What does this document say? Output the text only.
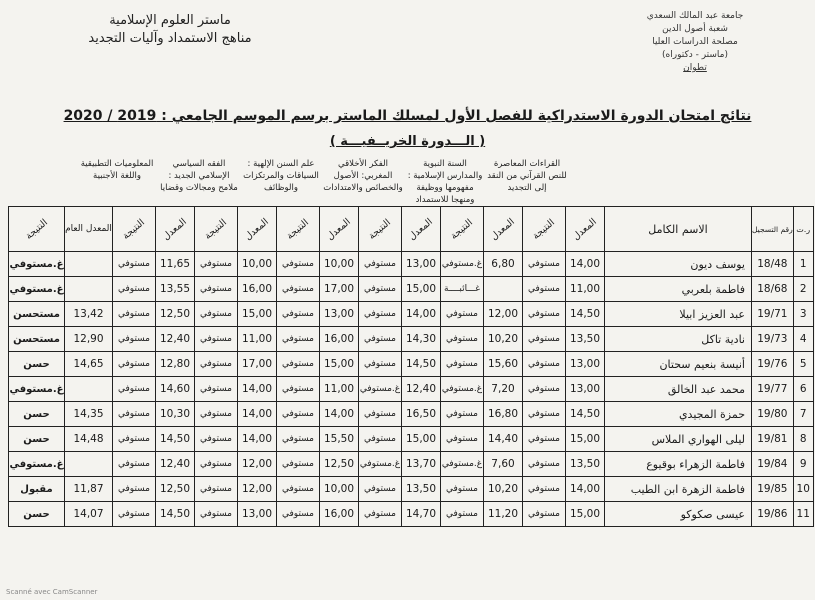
جامعة عبد المالك السعدي
شعبة أصول الدين
مصلحة الدراسات العليا
(ماستر - دكتوراه)
تطوان
ماستر العلوم الإسلامية
مناهج الاستمداد وآليات التجديد
نتائج امتحان الدورة الاستدراكية للفصل الأول لمسلك الماستر برسم الموسم الجامعي : 2019 / 2020
( الـــدورة الخريــفيـــة )
القراءات المعاصرة للنص القرآني من النقد إلى التجديد
السنة النبوية والمدارس الإسلامية : مفهومها ووظيفة ومنهجا للاستمداد
الفكر الأخلاقي المغربي: الأصول والخصائص والامتدادات
علم السنن الإلهية : السياقات والمرتكزات والوظائف
الفقه السياسي الإسلامي الجديد : ملامح ومجالات وقضايا
المعلوميات التطبيقية واللغة الأجنبية
ر.ت	رقم التسجيل	الاسم الكامل	المعدل	النتيجة	المعدل	النتيجة	المعدل	النتيجة	المعدل	النتيجة	المعدل	النتيجة	المعدل	النتيجة	المعدل العام	النتيجة
1	18/48	يوسف ديون	14,00	مستوفي	6,80	غ.مستوفي	13,00	مستوفي	10,00	مستوفي	10,00	مستوفي	11,65	مستوفي		غ.مستوفي
2	18/68	فاطمة بلعربي	11,00	مستوفي		غـــائبــــة	15,00	مستوفي	17,00	مستوفي	16,00	مستوفي	13,55	مستوفي		غ.مستوفي
3	19/71	عبد العزيز ابيلا	14,50	مستوفي	12,00	مستوفي	14,00	مستوفي	13,00	مستوفي	15,00	مستوفي	12,50	مستوفي	13,42	مستحسن
4	19/73	نادية تاكل	13,50	مستوفي	10,20	مستوفي	14,30	مستوفي	16,00	مستوفي	11,00	مستوفي	12,40	مستوفي	12,90	مستحسن
5	19/76	أنيسة بنعيم سحتان	13,00	مستوفي	15,60	مستوفي	14,50	مستوفي	15,00	مستوفي	17,00	مستوفي	12,80	مستوفي	14,65	حسن
6	19/77	محمد عبد الخالق	13,00	مستوفي	7,20	غ.مستوفي	12,40	غ.مستوفي	11,00	مستوفي	14,00	مستوفي	14,60	مستوفي		غ.مستوفي
7	19/80	حمزة المجيدي	14,50	مستوفي	16,80	مستوفي	16,50	مستوفي	14,00	مستوفي	14,00	مستوفي	10,30	مستوفي	14,35	حسن
8	19/81	ليلى الهواري الملاس	15,00	مستوفي	14,40	مستوفي	15,00	مستوفي	15,50	مستوفي	14,00	مستوفي	14,50	مستوفي	14,48	حسن
9	19/84	فاطمة الزهراء بوقيوع	13,50	مستوفي	7,60	غ.مستوفي	13,70	غ.مستوفي	12,50	مستوفي	12,00	مستوفي	12,40	مستوفي		غ.مستوفي
10	19/85	فاطمة الزهرة ابن الطيب	14,00	مستوفي	10,20	مستوفي	13,50	مستوفي	10,00	مستوفي	12,00	مستوفي	12,50	مستوفي	11,87	مقبول
11	19/86	عيسى صكوكو	15,00	مستوفي	11,20	مستوفي	14,70	مستوفي	16,00	مستوفي	13,00	مستوفي	14,50	مستوفي	14,07	حسن
Scanné avec CamScanner
